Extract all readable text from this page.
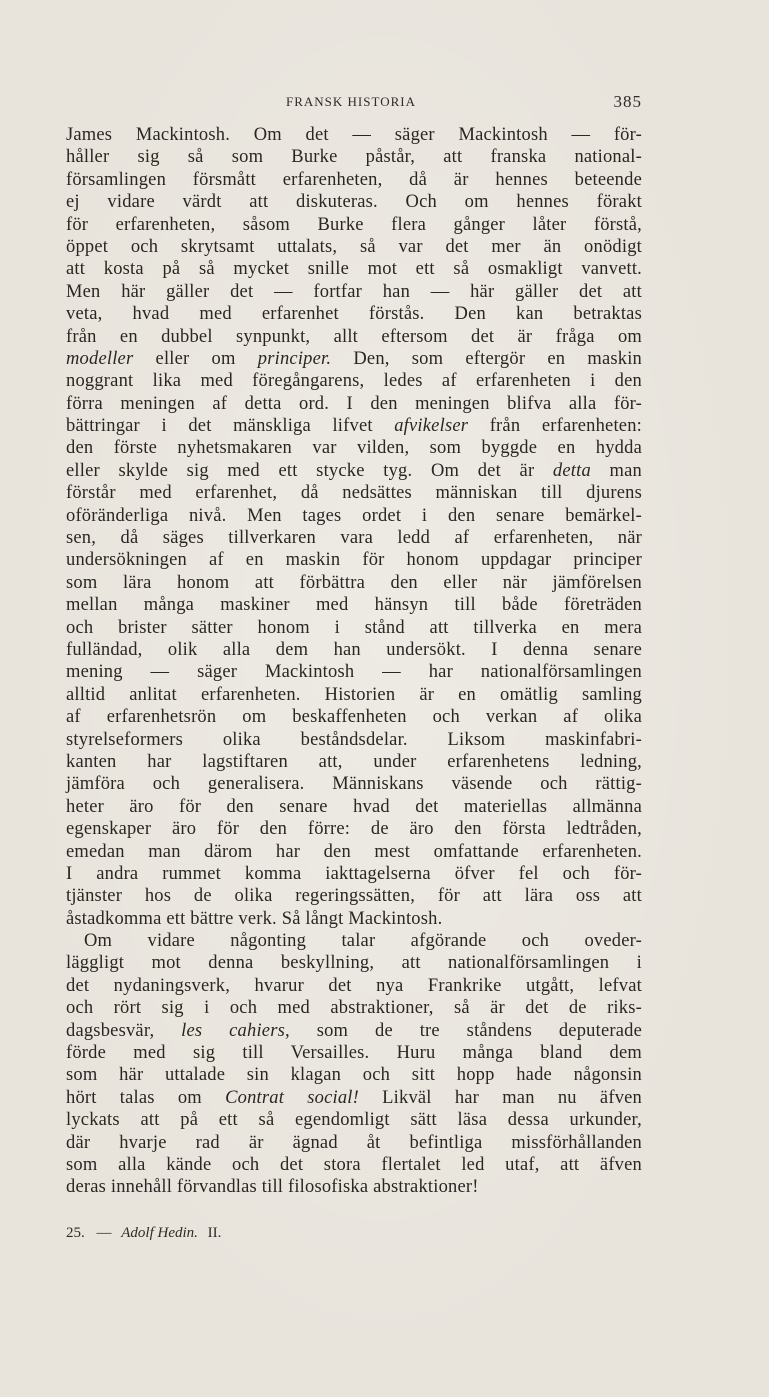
FRANSK HISTORIA	385
James Mackintosh. Om det — säger Mackintosh — för-
håller sig så som Burke påstår, att franska national-
församlingen försmått erfarenheten, då är hennes beteende
ej vidare värdt att diskuteras. Och om hennes förakt
för erfarenheten, såsom Burke flera gånger låter förstå,
öppet och skrytsamt uttalats, så var det mer än onödigt
att kosta på så mycket snille mot ett så osmakligt vanvett.
Men här gäller det — fortfar han — här gäller det att
veta, hvad med erfarenhet förstås. Den kan betraktas
från en dubbel synpunkt, allt eftersom det är fråga om
modeller eller om principer. Den, som eftergör en maskin
noggrant lika med föregångarens, ledes af erfarenheten i den
förra meningen af detta ord. I den meningen blifva alla för-
bättringar i det mänskliga lifvet afvikelser från erfarenheten:
den förste nyhetsmakaren var vilden, som byggde en hydda
eller skylde sig med ett stycke tyg. Om det är detta man
förstår med erfarenhet, då nedsättes människan till djurens
oföränderliga nivå. Men tages ordet i den senare bemärkel-
sen, då säges tillverkaren vara ledd af erfarenheten, när
undersökningen af en maskin för honom uppdagar principer
som lära honom att förbättra den eller när jämförelsen
mellan många maskiner med hänsyn till både företräden
och brister sätter honom i stånd att tillverka en mera
fulländad, olik alla dem han undersökt. I denna senare
mening — säger Mackintosh — har nationalförsamlingen
alltid anlitat erfarenheten. Historien är en omätlig samling
af erfarenhetsrön om beskaffenheten och verkan af olika
styrelseformers olika beståndsdelar. Liksom maskinfabri-
kanten har lagstiftaren att, under erfarenhetens ledning,
jämföra och generalisera. Människans väsende och rättig-
heter äro för den senare hvad det materiellas allmänna
egenskaper äro för den förre: de äro den första ledtråden,
emedan man därom har den mest omfattande erfarenheten.
I andra rummet komma iakttagelserna öfver fel och för-
tjänster hos de olika regeringssätten, för att lära oss att
åstadkomma ett bättre verk. Så långt Mackintosh.
Om vidare någonting talar afgörande och oveder-
läggligt mot denna beskyllning, att nationalförsamlingen i
det nydaningsverk, hvarur det nya Frankrike utgått, lefvat
och rört sig i och med abstraktioner, så är det de riks-
dagsbesvär, les cahiers, som de tre ståndens deputerade
förde med sig till Versailles. Huru många bland dem
som här uttalade sin klagan och sitt hopp hade någonsin
hört talas om Contrat social! Likväl har man nu äfven
lyckats att på ett så egendomligt sätt läsa dessa urkunder,
där hvarje rad är ägnad åt befintliga missförhållanden
som alla kände och det stora flertalet led utaf, att äfven
deras innehåll förvandlas till filosofiska abstraktioner!
25. — Adolf Hedin. II.
